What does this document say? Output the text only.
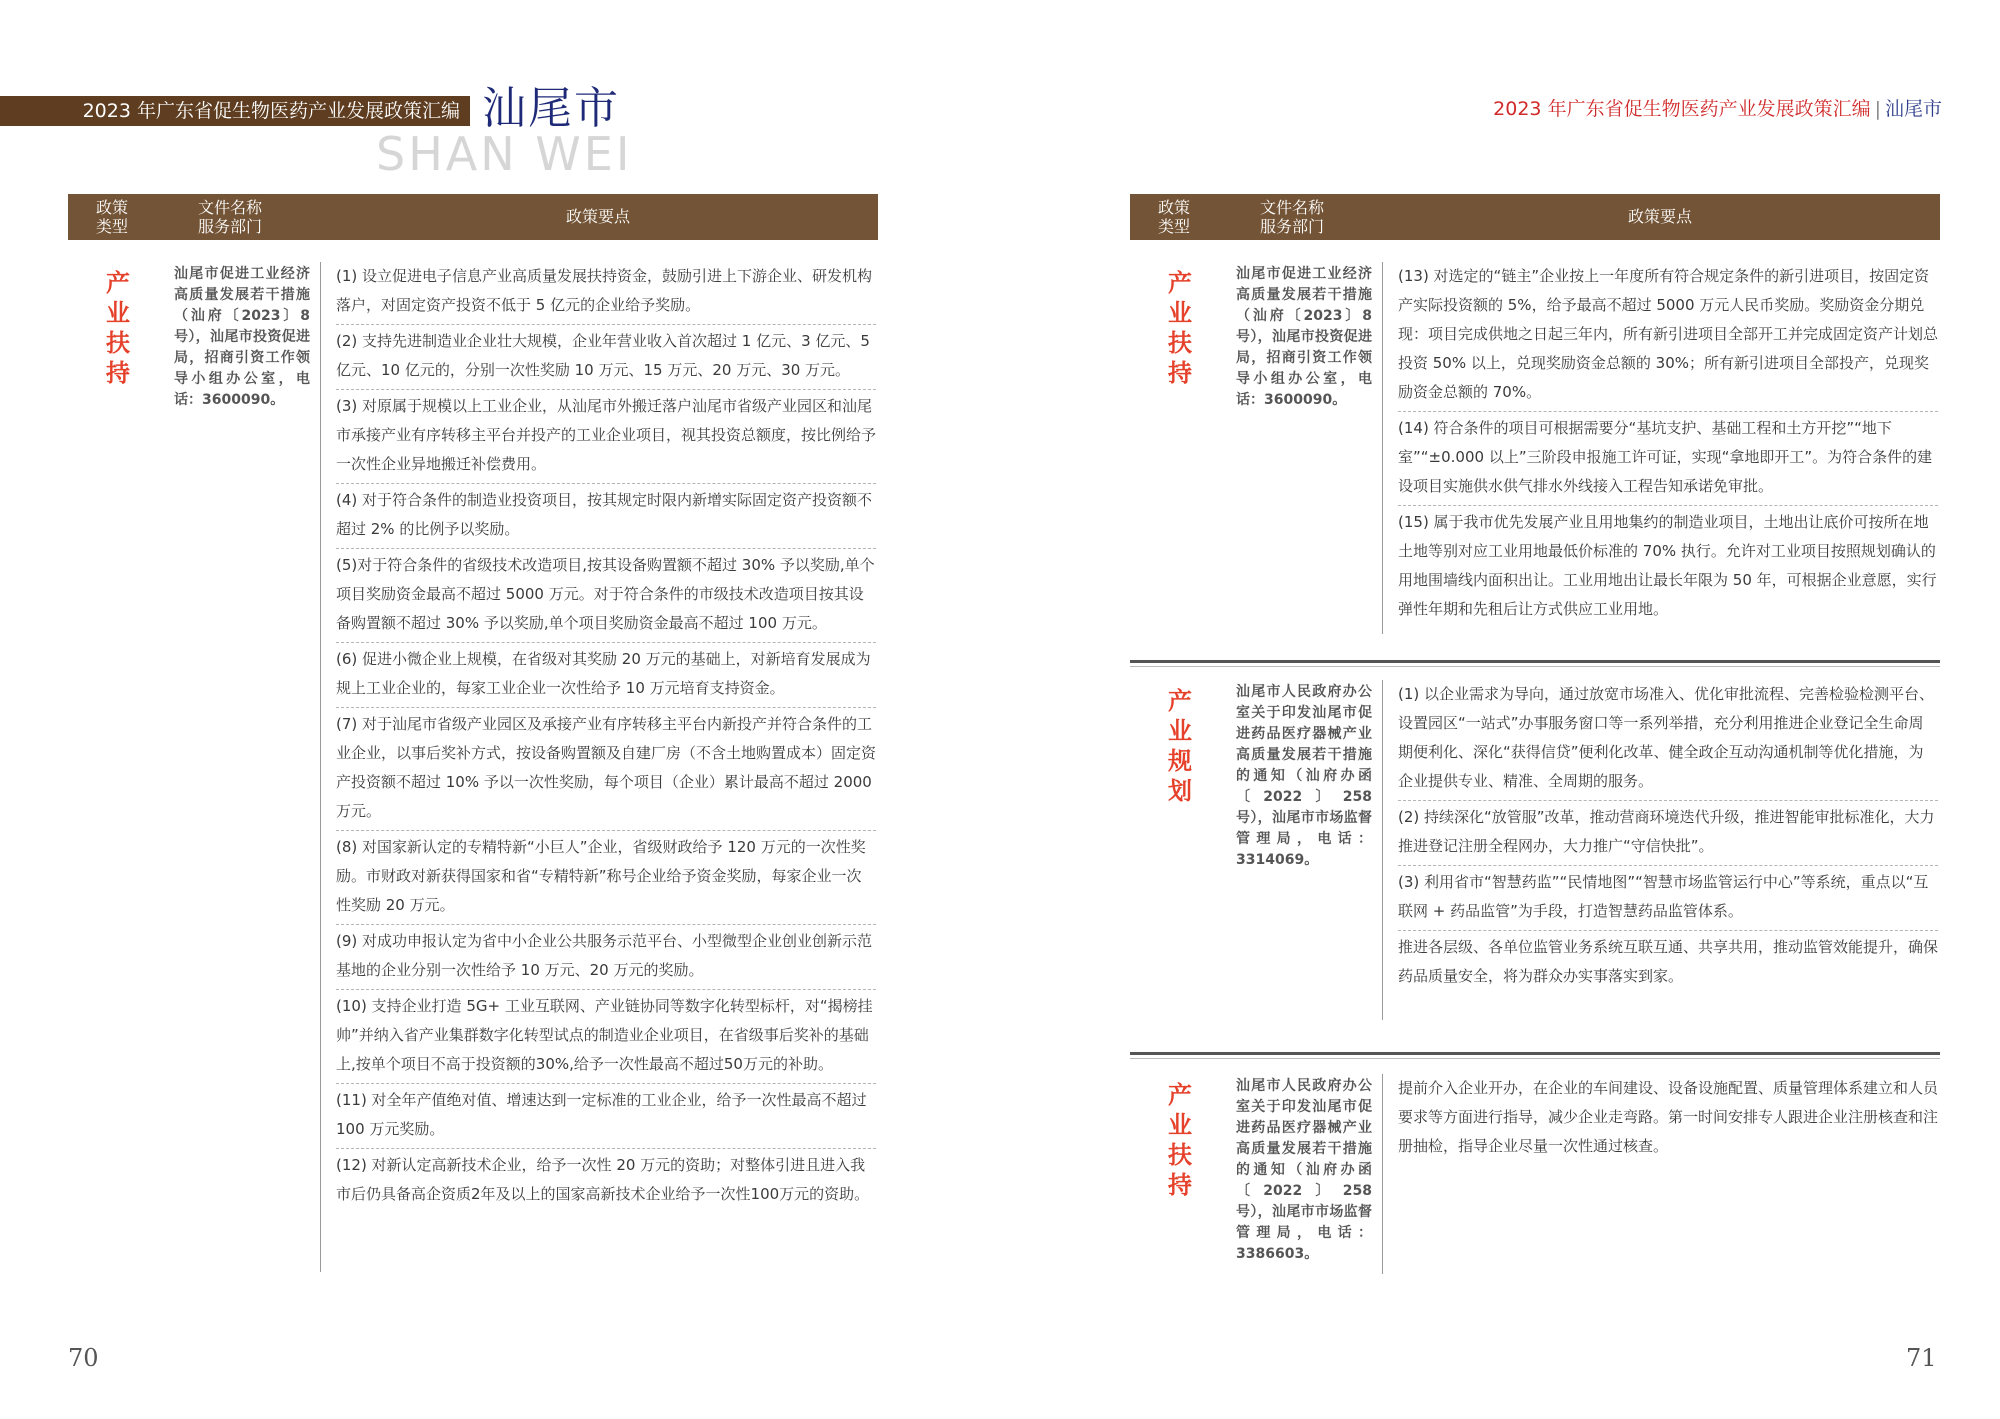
2023 年广东省促生物医药产业发展政策汇编 汕尾市
SHAN WEI
政策
类型
文件名称
服务部门
政策要点
产
业
扶
持
汕尾市促进工业经济高质量发展若干措施（汕府〔2023〕8 号），汕尾市投资促进局，招商引资工作领导小组办公室，电话：3600090。
(1) 设立促进电子信息产业高质量发展扶持资金，鼓励引进上下游企业、研发机构落户，对固定资产投资不低于 5 亿元的企业给予奖励。
(2) 支持先进制造业企业壮大规模，企业年营业收入首次超过 1 亿元、3 亿元、5 亿元、10 亿元的，分别一次性奖励 10 万元、15 万元、20 万元、30 万元。
(3) 对原属于规模以上工业企业，从汕尾市外搬迁落户汕尾市省级产业园区和汕尾市承接产业有序转移主平台并投产的工业企业项目，视其投资总额度，按比例给予一次性企业异地搬迁补偿费用。
(4) 对于符合条件的制造业投资项目，按其规定时限内新增实际固定资产投资额不超过 2% 的比例予以奖励。
(5)对于符合条件的省级技术改造项目,按其设备购置额不超过 30% 予以奖励,单个项目奖励资金最高不超过 5000 万元。对于符合条件的市级技术改造项目按其设备购置额不超过 30% 予以奖励,单个项目奖励资金最高不超过 100 万元。
(6) 促进小微企业上规模，在省级对其奖励 20 万元的基础上，对新培育发展成为规上工业企业的，每家工业企业一次性给予 10 万元培育支持资金。
(7) 对于汕尾市省级产业园区及承接产业有序转移主平台内新投产并符合条件的工业企业，以事后奖补方式，按设备购置额及自建厂房（不含土地购置成本）固定资产投资额不超过 10% 予以一次性奖励，每个项目（企业）累计最高不超过 2000 万元。
(8) 对国家新认定的专精特新“小巨人”企业，省级财政给予 120 万元的一次性奖励。市财政对新获得国家和省“专精特新”称号企业给予资金奖励，每家企业一次性奖励 20 万元。
(9) 对成功申报认定为省中小企业公共服务示范平台、小型微型企业创业创新示范基地的企业分别一次性给予 10 万元、20 万元的奖励。
(10) 支持企业打造 5G+ 工业互联网、产业链协同等数字化转型标杆，对“揭榜挂帅”并纳入省产业集群数字化转型试点的制造业企业项目，在省级事后奖补的基础上,按单个项目不高于投资额的30%,给予一次性最高不超过50万元的补助。
(11) 对全年产值绝对值、增速达到一定标准的工业企业，给予一次性最高不超过 100 万元奖励。
(12) 对新认定高新技术企业，给予一次性 20 万元的资助；对整体引进且进入我市后仍具备高企资质2年及以上的国家高新技术企业给予一次性100万元的资助。
70
2023 年广东省促生物医药产业发展政策汇编 | 汕尾市
政策
类型
文件名称
服务部门
政策要点
产
业
扶
持
汕尾市促进工业经济高质量发展若干措施（汕府〔2023〕8 号），汕尾市投资促进局，招商引资工作领导小组办公室，电话：3600090。
(13) 对选定的“链主”企业按上一年度所有符合规定条件的新引进项目，按固定资产实际投资额的 5%，给予最高不超过 5000 万元人民币奖励。奖励资金分期兑现：项目完成供地之日起三年内，所有新引进项目全部开工并完成固定资产计划总投资 50% 以上，兑现奖励资金总额的 30%；所有新引进项目全部投产，兑现奖励资金总额的 70%。
(14) 符合条件的项目可根据需要分“基坑支护、基础工程和土方开挖”“地下室”“±0.000 以上”三阶段申报施工许可证，实现“拿地即开工”。为符合条件的建设项目实施供水供气排水外线接入工程告知承诺免审批。
(15) 属于我市优先发展产业且用地集约的制造业项目，土地出让底价可按所在地土地等别对应工业用地最低价标准的 70% 执行。允许对工业项目按照规划确认的用地围墙线内面积出让。工业用地出让最长年限为 50 年，可根据企业意愿，实行弹性年期和先租后让方式供应工业用地。
产
业
规
划
汕尾市人民政府办公室关于印发汕尾市促进药品医疗器械产业高质量发展若干措施的通知（汕府办函〔2022〕258 号），汕尾市市场监督管理局，电话：3314069。
(1) 以企业需求为导向，通过放宽市场准入、优化审批流程、完善检验检测平台、设置园区“一站式”办事服务窗口等一系列举措，充分利用推进企业登记全生命周期便利化、深化“获得信贷”便利化改革、健全政企互动沟通机制等优化措施，为企业提供专业、精准、全周期的服务。
(2) 持续深化“放管服”改革，推动营商环境迭代升级，推进智能审批标准化，大力推进登记注册全程网办，大力推广“守信快批”。
(3) 利用省市“智慧药监”“民情地图”“智慧市场监管运行中心”等系统，重点以“互联网 + 药品监管”为手段，打造智慧药品监管体系。
推进各层级、各单位监管业务系统互联互通、共享共用，推动监管效能提升，确保药品质量安全，将为群众办实事落实到家。
产
业
扶
持
汕尾市人民政府办公室关于印发汕尾市促进药品医疗器械产业高质量发展若干措施的通知（汕府办函〔2022〕258 号），汕尾市市场监督管理局，电话：3386603。
提前介入企业开办，在企业的车间建设、设备设施配置、质量管理体系建立和人员要求等方面进行指导，减少企业走弯路。第一时间安排专人跟进企业注册核查和注册抽检，指导企业尽量一次性通过核查。
71
